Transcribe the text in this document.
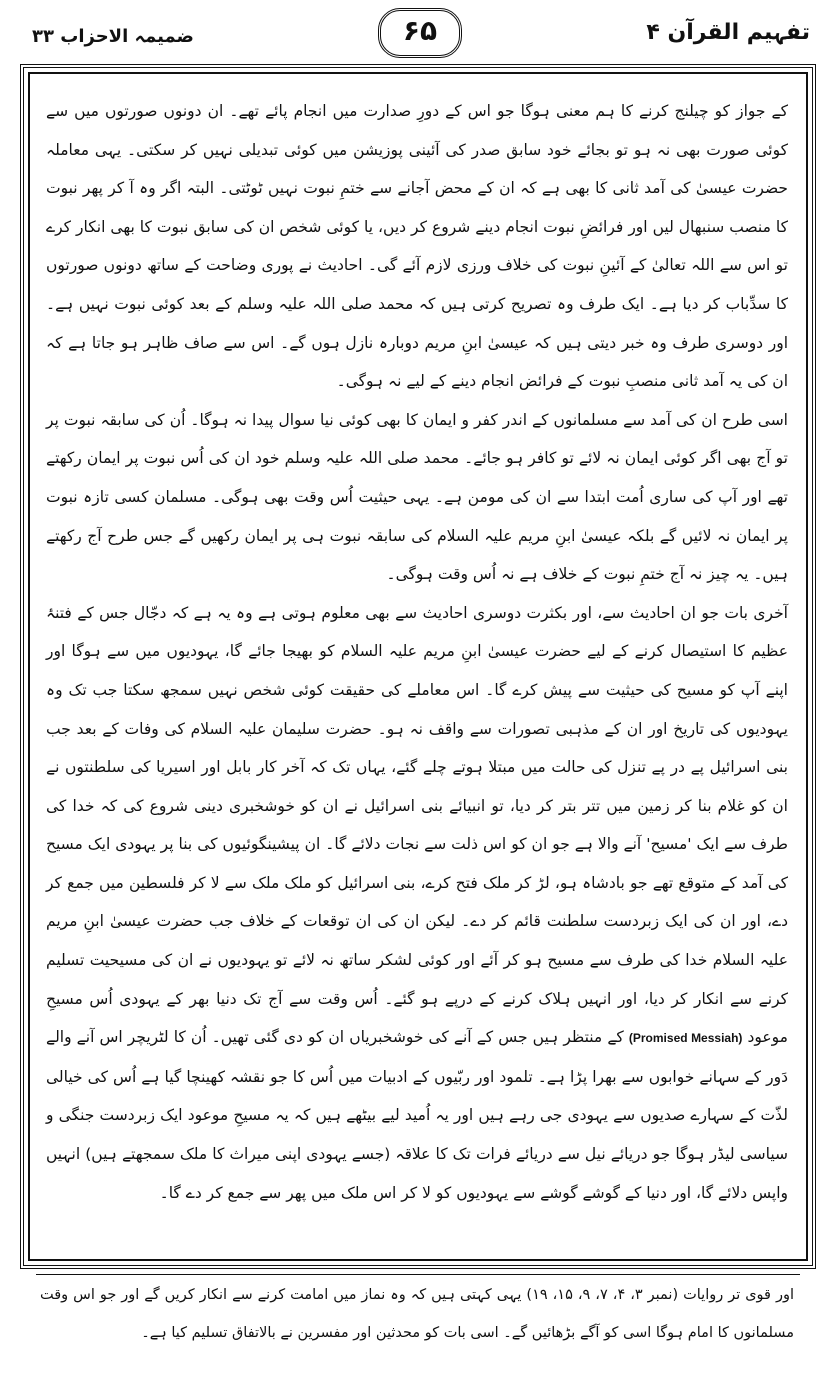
تفہیم القرآن ۴
۶۵
ضمیمہ الاحزاب ۳۳

کے جواز کو چیلنج کرنے کا ہم معنی ہوگا جو اس کے دورِ صدارت میں انجام پائے تھے۔ ان دونوں صورتوں میں سے کوئی صورت بھی نہ ہو تو بجائے خود سابق صدر کی آئینی پوزیشن میں کوئی تبدیلی نہیں کر سکتی۔ یہی معاملہ حضرت عیسیٰ کی آمد ثانی کا بھی ہے کہ ان کے محض آجانے سے ختمِ نبوت نہیں ٹوٹتی۔ البتہ اگر وہ آ کر پھر نبوت کا منصب سنبھال لیں اور فرائضِ نبوت انجام دینے شروع کر دیں، یا کوئی شخص ان کی سابق نبوت کا بھی انکار کرے تو اس سے اللہ تعالیٰ کے آئینِ نبوت کی خلاف ورزی لازم آئے گی۔ احادیث نے پوری وضاحت کے ساتھ دونوں صورتوں کا سدِّباب کر دیا ہے۔ ایک طرف وہ تصریح کرتی ہیں کہ محمد صلی اللہ علیہ وسلم کے بعد کوئی نبوت نہیں ہے۔ اور دوسری طرف وہ خبر دیتی ہیں کہ عیسیٰ ابنِ مریم دوبارہ نازل ہوں گے۔ اس سے صاف ظاہر ہو جاتا ہے کہ ان کی یہ آمد ثانی منصبِ نبوت کے فرائض انجام دینے کے لیے نہ ہوگی۔

اسی طرح ان کی آمد سے مسلمانوں کے اندر کفر و ایمان کا بھی کوئی نیا سوال پیدا نہ ہوگا۔ اُن کی سابقہ نبوت پر تو آج بھی اگر کوئی ایمان نہ لائے تو کافر ہو جائے۔ محمد صلی اللہ علیہ وسلم خود ان کی اُس نبوت پر ایمان رکھتے تھے اور آپ کی ساری اُمت ابتدا سے ان کی مومن ہے۔ یہی حیثیت اُس وقت بھی ہوگی۔ مسلمان کسی تازہ نبوت پر ایمان نہ لائیں گے بلکہ عیسیٰ ابنِ مریم علیہ السلام کی سابقہ نبوت ہی پر ایمان رکھیں گے جس طرح آج رکھتے ہیں۔ یہ چیز نہ آج ختمِ نبوت کے خلاف ہے نہ اُس وقت ہوگی۔

آخری بات جو ان احادیث سے، اور بکثرت دوسری احادیث سے بھی معلوم ہوتی ہے وہ یہ ہے کہ دجّال جس کے فتنۂ عظیم کا استیصال کرنے کے لیے حضرت عیسیٰ ابنِ مریم علیہ السلام کو بھیجا جائے گا، یہودیوں میں سے ہوگا اور اپنے آپ کو مسیح کی حیثیت سے پیش کرے گا۔ اس معاملے کی حقیقت کوئی شخص نہیں سمجھ سکتا جب تک وہ یہودیوں کی تاریخ اور ان کے مذہبی تصورات سے واقف نہ ہو۔ حضرت سلیمان علیہ السلام کی وفات کے بعد جب بنی اسرائیل پے در پے تنزل کی حالت میں مبتلا ہوتے چلے گئے، یہاں تک کہ آخر کار بابل اور اسیریا کی سلطنتوں نے ان کو غلام بنا کر زمین میں تتر بتر کر دیا، تو انبیائے بنی اسرائیل نے ان کو خوشخبری دینی شروع کی کہ خدا کی طرف سے ایک 'مسیح' آنے والا ہے جو ان کو اس ذلت سے نجات دلائے گا۔ ان پیشینگوئیوں کی بنا پر یہودی ایک مسیح کی آمد کے متوقع تھے جو بادشاہ ہو، لڑ کر ملک فتح کرے، بنی اسرائیل کو ملک ملک سے لا کر فلسطین میں جمع کر دے، اور ان کی ایک زبردست سلطنت قائم کر دے۔ لیکن ان کی ان توقعات کے خلاف جب حضرت عیسیٰ ابنِ مریم علیہ السلام خدا کی طرف سے مسیح ہو کر آئے اور کوئی لشکر ساتھ نہ لائے تو یہودیوں نے ان کی مسیحیت تسلیم کرنے سے انکار کر دیا، اور انہیں ہلاک کرنے کے درپے ہو گئے۔ اُس وقت سے آج تک دنیا بھر کے یہودی اُس مسیحِ موعود (Promised Messiah) کے منتظر ہیں جس کے آنے کی خوشخبریاں ان کو دی گئی تھیں۔ اُن کا لٹریچر اس آنے والے دَور کے سہانے خوابوں سے بھرا پڑا ہے۔ تلمود اور ربّیوں کے ادبیات میں اُس کا جو نقشہ کھینچا گیا ہے اُس کی خیالی لذّت کے سہارے صدیوں سے یہودی جی رہے ہیں اور یہ اُمید لیے بیٹھے ہیں کہ یہ مسیحِ موعود ایک زبردست جنگی و سیاسی لیڈر ہوگا جو دریائے نیل سے دریائے فرات تک کا علاقہ (جسے یہودی اپنی میراث کا ملک سمجھتے ہیں) انہیں واپس دلائے گا، اور دنیا کے گوشے گوشے سے یہودیوں کو لا کر اس ملک میں پھر سے جمع کر دے گا۔

اور قوی تر روایات (نمبر ۳، ۴، ۷، ۹، ۱۵، ۱۹) یہی کہتی ہیں کہ وہ نماز میں امامت کرنے سے انکار کریں گے اور جو اس وقت مسلمانوں کا امام ہوگا اسی کو آگے بڑھائیں گے۔ اسی بات کو محدثین اور مفسرین نے بالاتفاق تسلیم کیا ہے۔
